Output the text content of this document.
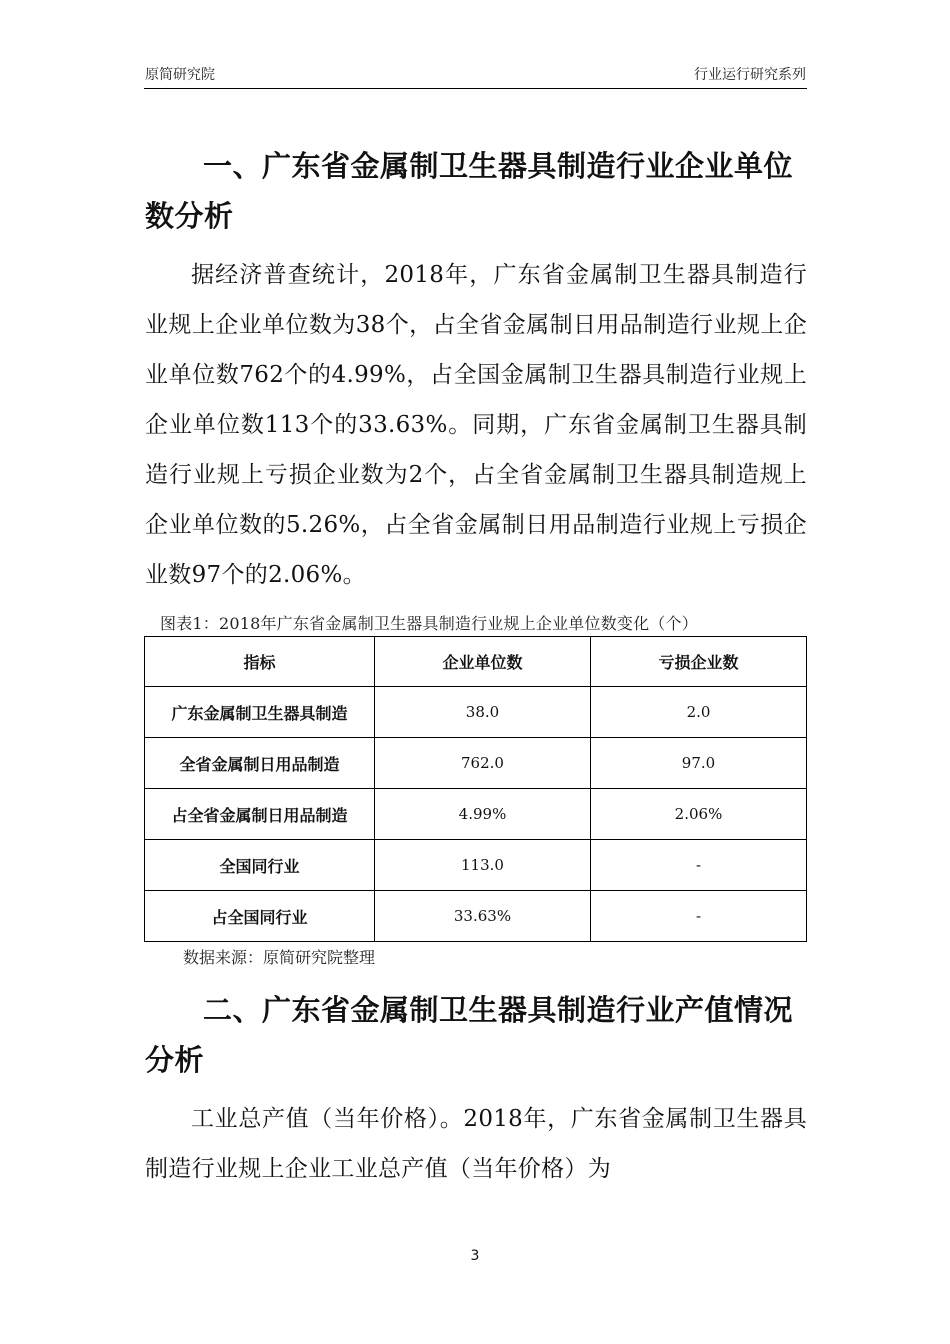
原简研究院	行业运行研究系列
一、广东省金属制卫生器具制造行业企业单位数分析
据经济普查统计，2018年，广东省金属制卫生器具制造行业规上企业单位数为38个，占全省金属制日用品制造行业规上企业单位数762个的4.99%，占全国金属制卫生器具制造行业规上企业单位数113个的33.63%。同期，广东省金属制卫生器具制造行业规上亏损企业数为2个，占全省金属制卫生器具制造规上企业单位数的5.26%，占全省金属制日用品制造行业规上亏损企业数97个的2.06%。
图表1：2018年广东省金属制卫生器具制造行业规上企业单位数变化（个）
指标	企业单位数	亏损企业数
广东金属制卫生器具制造	38.0	2.0
全省金属制日用品制造	762.0	97.0
占全省金属制日用品制造	4.99%	2.06%
全国同行业	113.0	-
占全国同行业	33.63%	-
数据来源：原简研究院整理
二、广东省金属制卫生器具制造行业产值情况分析
工业总产值（当年价格）。2018年，广东省金属制卫生器具制造行业规上企业工业总产值（当年价格）为
3
